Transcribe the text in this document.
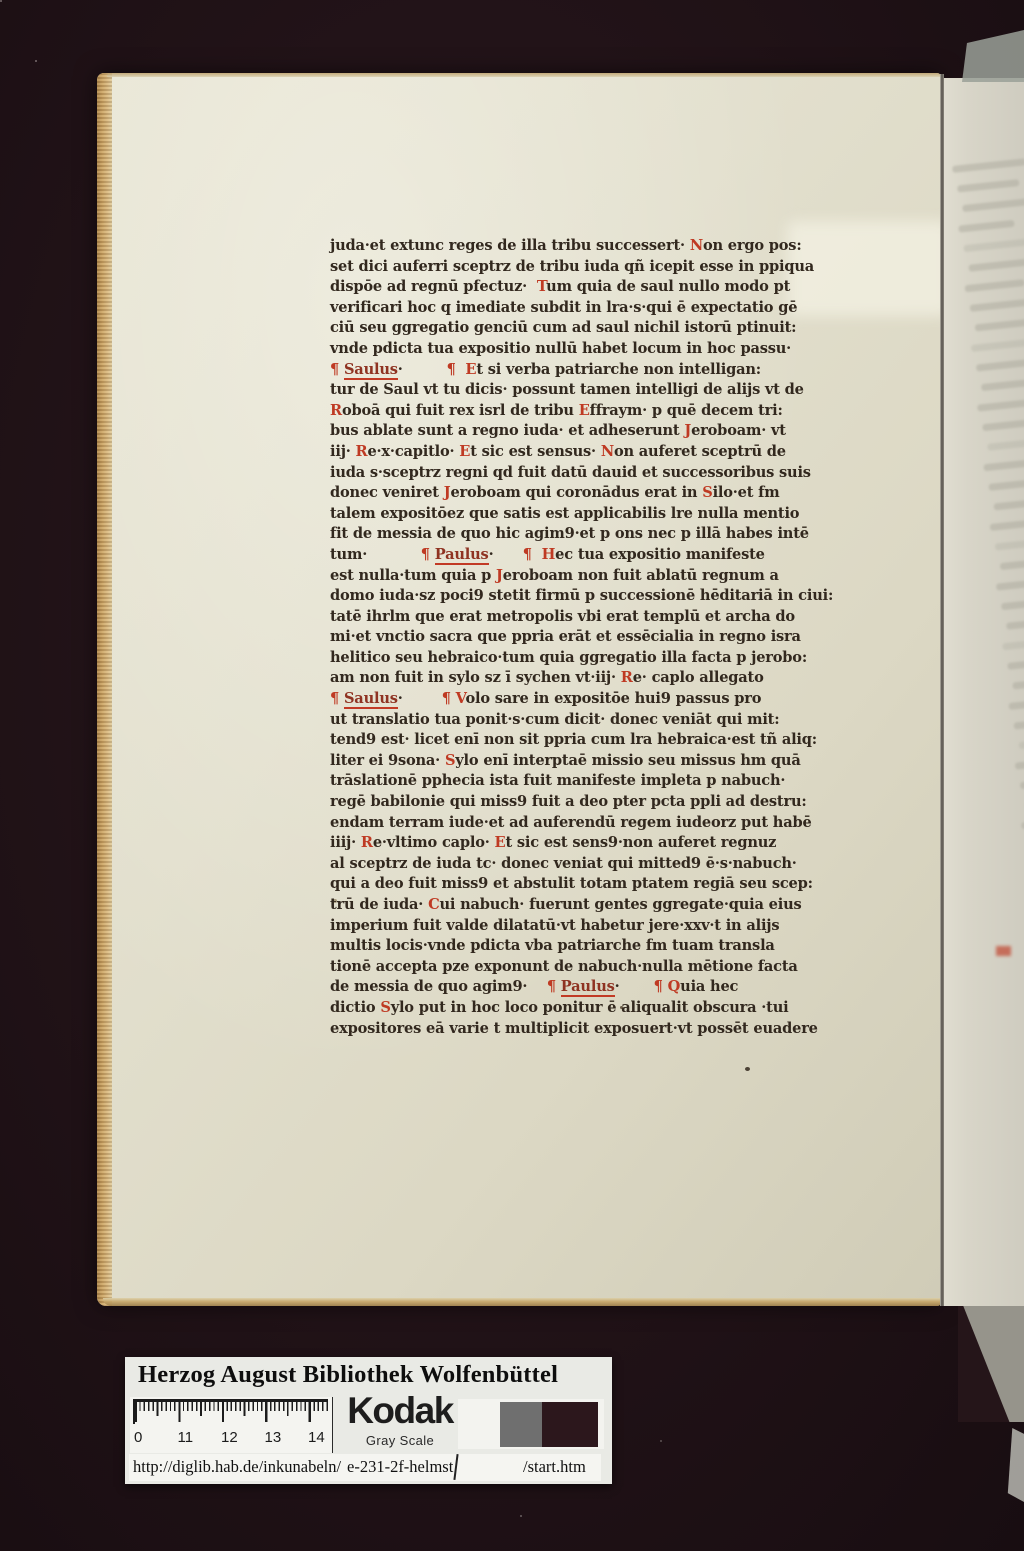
juda·et extunc reges de illa tribu successert· Non ergo pos:
set dici auferri sceptrz de tribu iuda qñ icepit esse in ppiqua
dispōe ad regnū pfectuz·  Tum quia de saul nullo modo pt
verificari hoc q imediate subdit in lra·s·qui ē expectatio gē
ciū seu ggregatio genciū cum ad saul nichil istorū ptinuit:
vnde pdicta tua expositio nullū habet locum in hoc passu·
¶ Saulus·         ¶  Et si verba patriarche non intelligan:
tur de Saul vt tu dicis· possunt tamen intelligi de alijs vt de
Roboā qui fuit rex isrl de tribu Effraym· p quē decem tri:
bus ablate sunt a regno iuda· et adheserunt Jeroboam· vt
iij· Re·x·capitlo· Et sic est sensus· Non auferet sceptrū de
iuda s·sceptrz regni qd fuit datū dauid et successoribus suis
donec veniret Jeroboam qui coronādus erat in Silo·et fm
talem expositōez que satis est applicabilis lre nulla mentio
fit de messia de quo hic agim9·et p ons nec p illā habes intē
tum·           ¶ Paulus·      ¶  Hec tua expositio manifeste
est nulla·tum quia p Jeroboam non fuit ablatū regnum a
domo iuda·sz poci9 stetit firmū p successionē hēditariā in ciui:
tatē ihrlm que erat metropolis vbi erat templū et archa do
mi·et vnctio sacra que ppria erāt et essēcialia in regno isra
helitico seu hebraico·tum quia ggregatio illa facta p jerobo:
am non fuit in sylo sz ī sychen vt·iij· Re· caplo allegato
¶ Saulus·        ¶ Volo sare in expositōe hui9 passus pro
ut translatio tua ponit·s·cum dicit· donec veniāt qui mit:
tend9 est· licet enī non sit ppria cum lra hebraica·est tñ aliq:
liter ei 9sona· Sylo enī interptaē missio seu missus hm quā
trāslationē pphecia ista fuit manifeste impleta p nabuch·
regē babilonie qui miss9 fuit a deo pter pcta ppli ad destru:
endam terram iude·et ad auferendū regem iudeorz put habē
iiij· Re·vltimo caplo· Et sic est sens9·non auferet regnuz
al sceptrz de iuda tc· donec veniat qui mitted9 ē·s·nabuch·
qui a deo fuit miss9 et abstulit totam ptatem regiā seu scep:
trū de iuda· Cui nabuch· fuerunt gentes ggregate·quia eius
imperium fuit valde dilatatū·vt habetur jere·xxv·t in alijs
multis locis·vnde pdicta vba patriarche fm tuam transla
tionē accepta pze exponunt de nabuch·nulla mētione facta
de messia de quo agim9·    ¶ Paulus·       ¶ Quia hec
dictio Sylo put in hoc loco ponitur ē aliqualit obscura ·tui
expositores eā varie t multiplicit exposuert·vt possēt euadere
Herzog August Bibliothek Wolfenbüttel
0 11 12 13 14
Kodak
Gray Scale
http://diglib.hab.de/inkunabeln/ e-231-2f-helmst	/start.htm
